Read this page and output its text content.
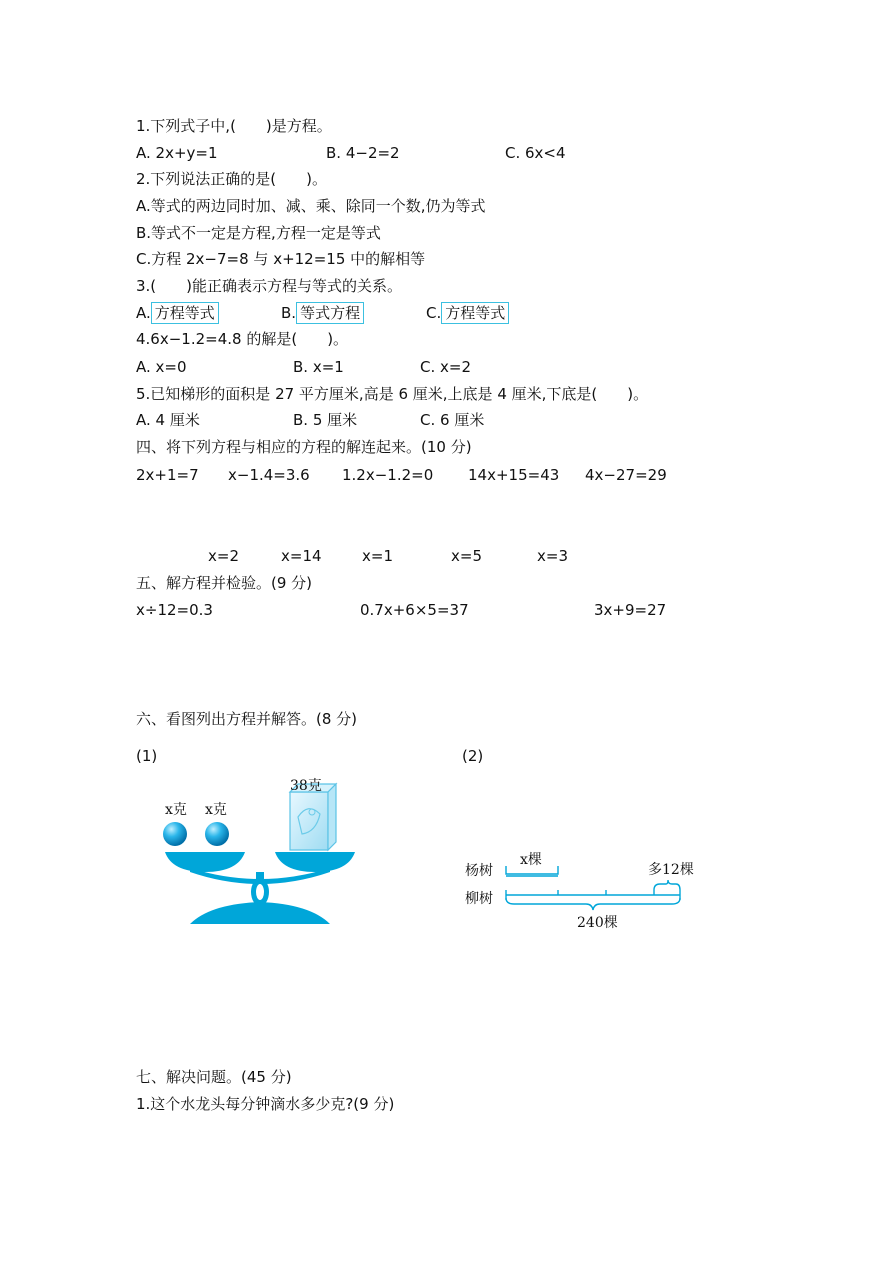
1.下列式子中,(　　)是方程。
A. 2x+y=1	B. 4−2=2	C. 6x<4
2.下列说法正确的是(　　)。
A.等式的两边同时加、减、乘、除同一个数,仍为等式
B.等式不一定是方程,方程一定是等式
C.方程 2x−7=8 与 x+12=15 中的解相等
3.(　　)能正确表示方程与等式的关系。
A. 方程等式	B. 等式方程	C. 方程等式
4.6x−1.2=4.8 的解是(　　)。
A. x=0	B. x=1	C. x=2
5.已知梯形的面积是 27 平方厘米,高是 6 厘米,上底是 4 厘米,下底是(　　)。
A. 4 厘米	B. 5 厘米	C. 6 厘米
四、将下列方程与相应的方程的解连起来。(10 分)
2x+1=7 x−1.4=3.6 1.2x−1.2=0 14x+15=43 4x−27=29
x=2	x=14	x=1	x=5	x=3
五、解方程并检验。(9 分)
x÷12=0.3	0.7x+6×5=37	3x+9=27
六、看图列出方程并解答。(8 分)
(1)	(2)
x克 x克
38克
杨树
柳树
x棵
多12棵
240棵
七、解决问题。(45 分)
1.这个水龙头每分钟滴水多少克?(9 分)
